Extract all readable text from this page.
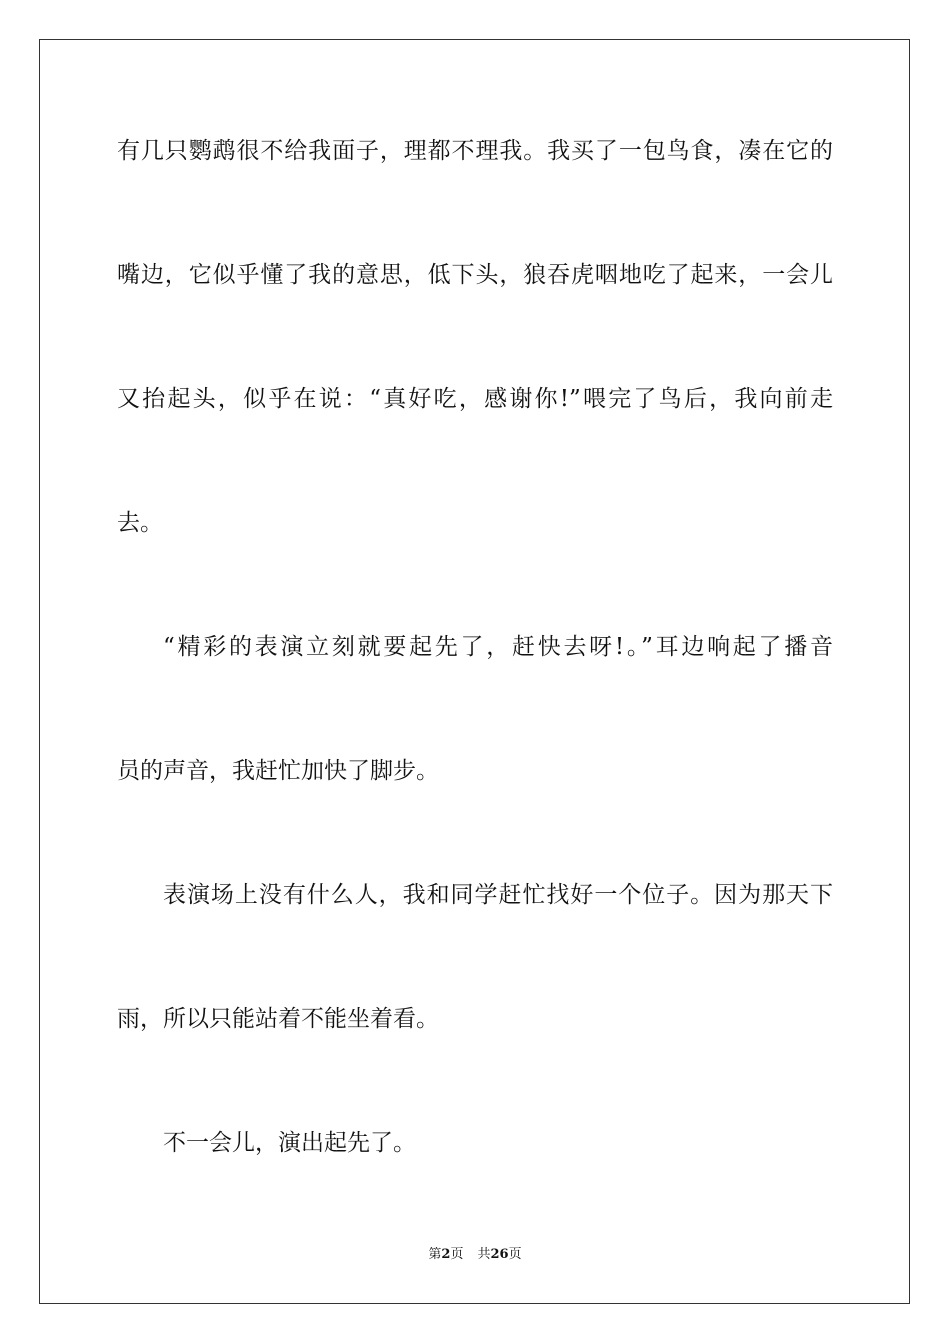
有几只鹦鹉很不给我面子，理都不理我。我买了一包鸟食，凑在它的
嘴边，它似乎懂了我的意思，低下头，狼吞虎咽地吃了起来，一会儿
又抬起头，似乎在说：“真好吃，感谢你!”喂完了鸟后，我向前走
去。
“精彩的表演立刻就要起先了，赶快去呀!。”耳边响起了播音
员的声音，我赶忙加快了脚步。
表演场上没有什么人，我和同学赶忙找好一个位子。因为那天下
雨，所以只能站着不能坐着看。
不一会儿，演出起先了。
第2页 共26页
